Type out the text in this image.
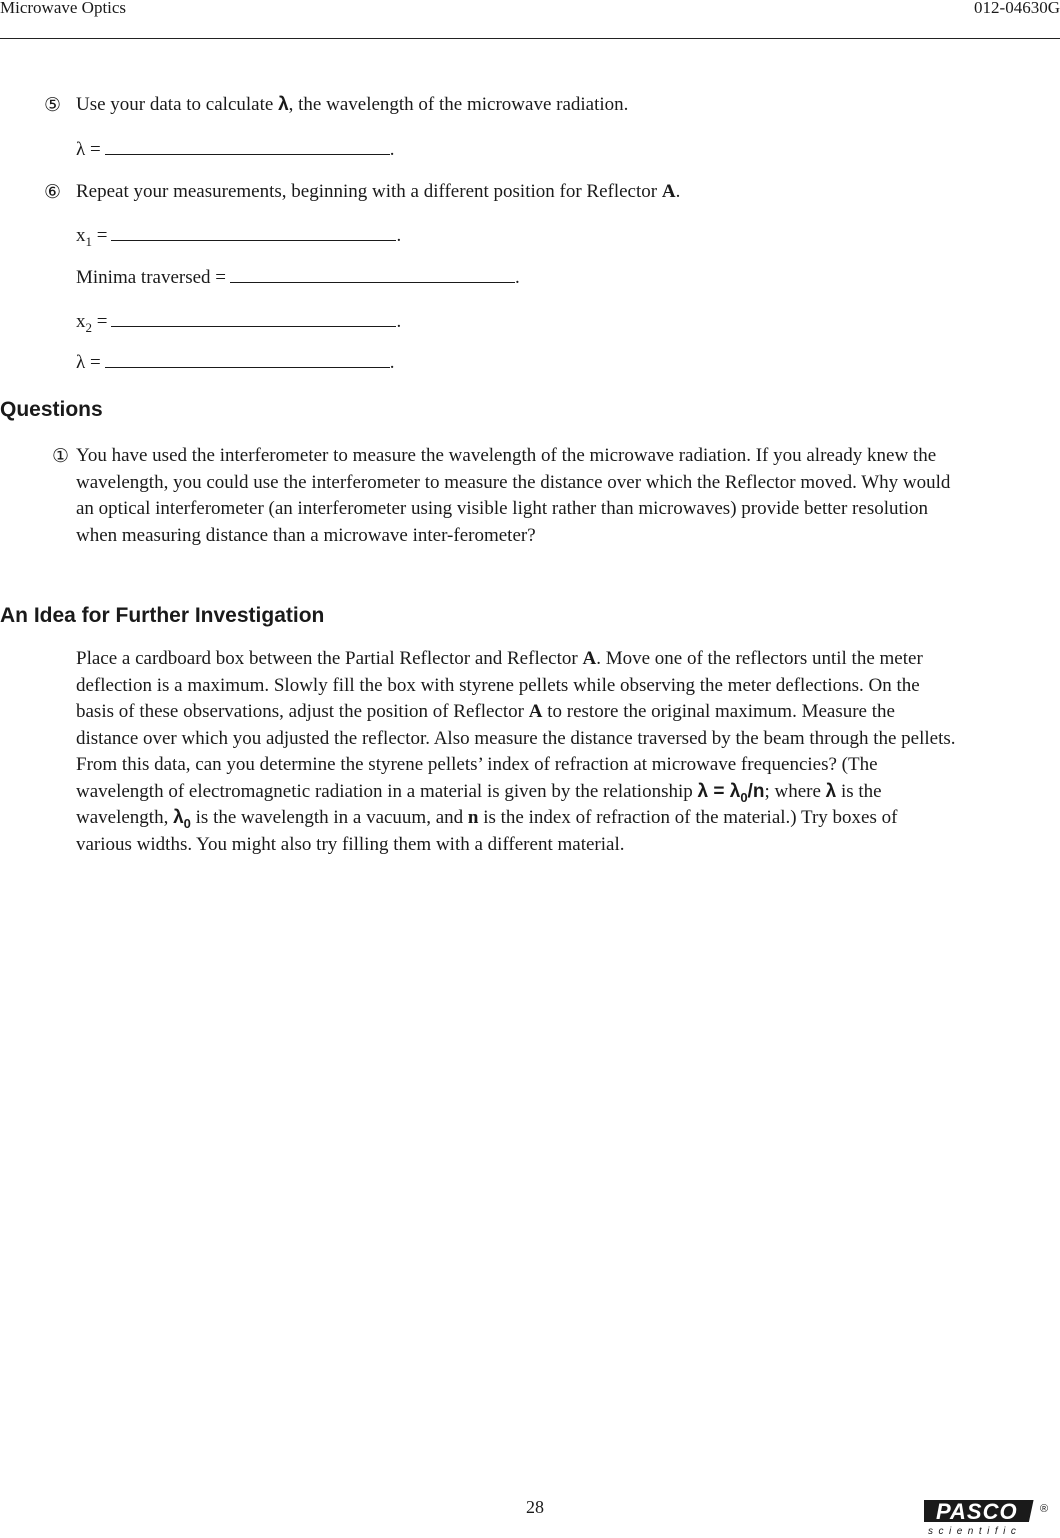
Microwave Optics	012-04630G
⑤ Use your data to calculate λ, the wavelength of the microwave radiation.
λ =	.
⑥ Repeat your measurements, beginning with a different position for Reflector A.
$x_1$ =	.
Minima traversed =	.
$x_2$ =	.
λ =	.
Questions
① You have used the interferometer to measure the wavelength of the microwave radiation. If you already knew the wavelength, you could use the interferometer to measure the distance over which the Reflector moved. Why would an optical interferometer (an interferometer using visible light rather than microwaves) provide better resolution when measuring distance than a microwave inter-ferometer?
An Idea for Further Investigation
Place a cardboard box between the Partial Reflector and Reflector A. Move one of the reflectors until the meter deflection is a maximum. Slowly fill the box with styrene pellets while observing the meter deflections. On the basis of these observations, adjust the position of Reflector A to restore the original maximum. Measure the distance over which you adjusted the reflector. Also measure the distance traversed by the beam through the pellets. From this data, can you determine the styrene pellets’ index of refraction at microwave frequencies? (The wavelength of electromagnetic radiation in a material is given by the relationship $\lambda = \lambda_0/n$; where λ is the wavelength, $\lambda_0$ is the wavelength in a vacuum, and n is the index of refraction of the material.) Try boxes of various widths. You might also try filling them with a different material.
28	PASCO ®
scientific
